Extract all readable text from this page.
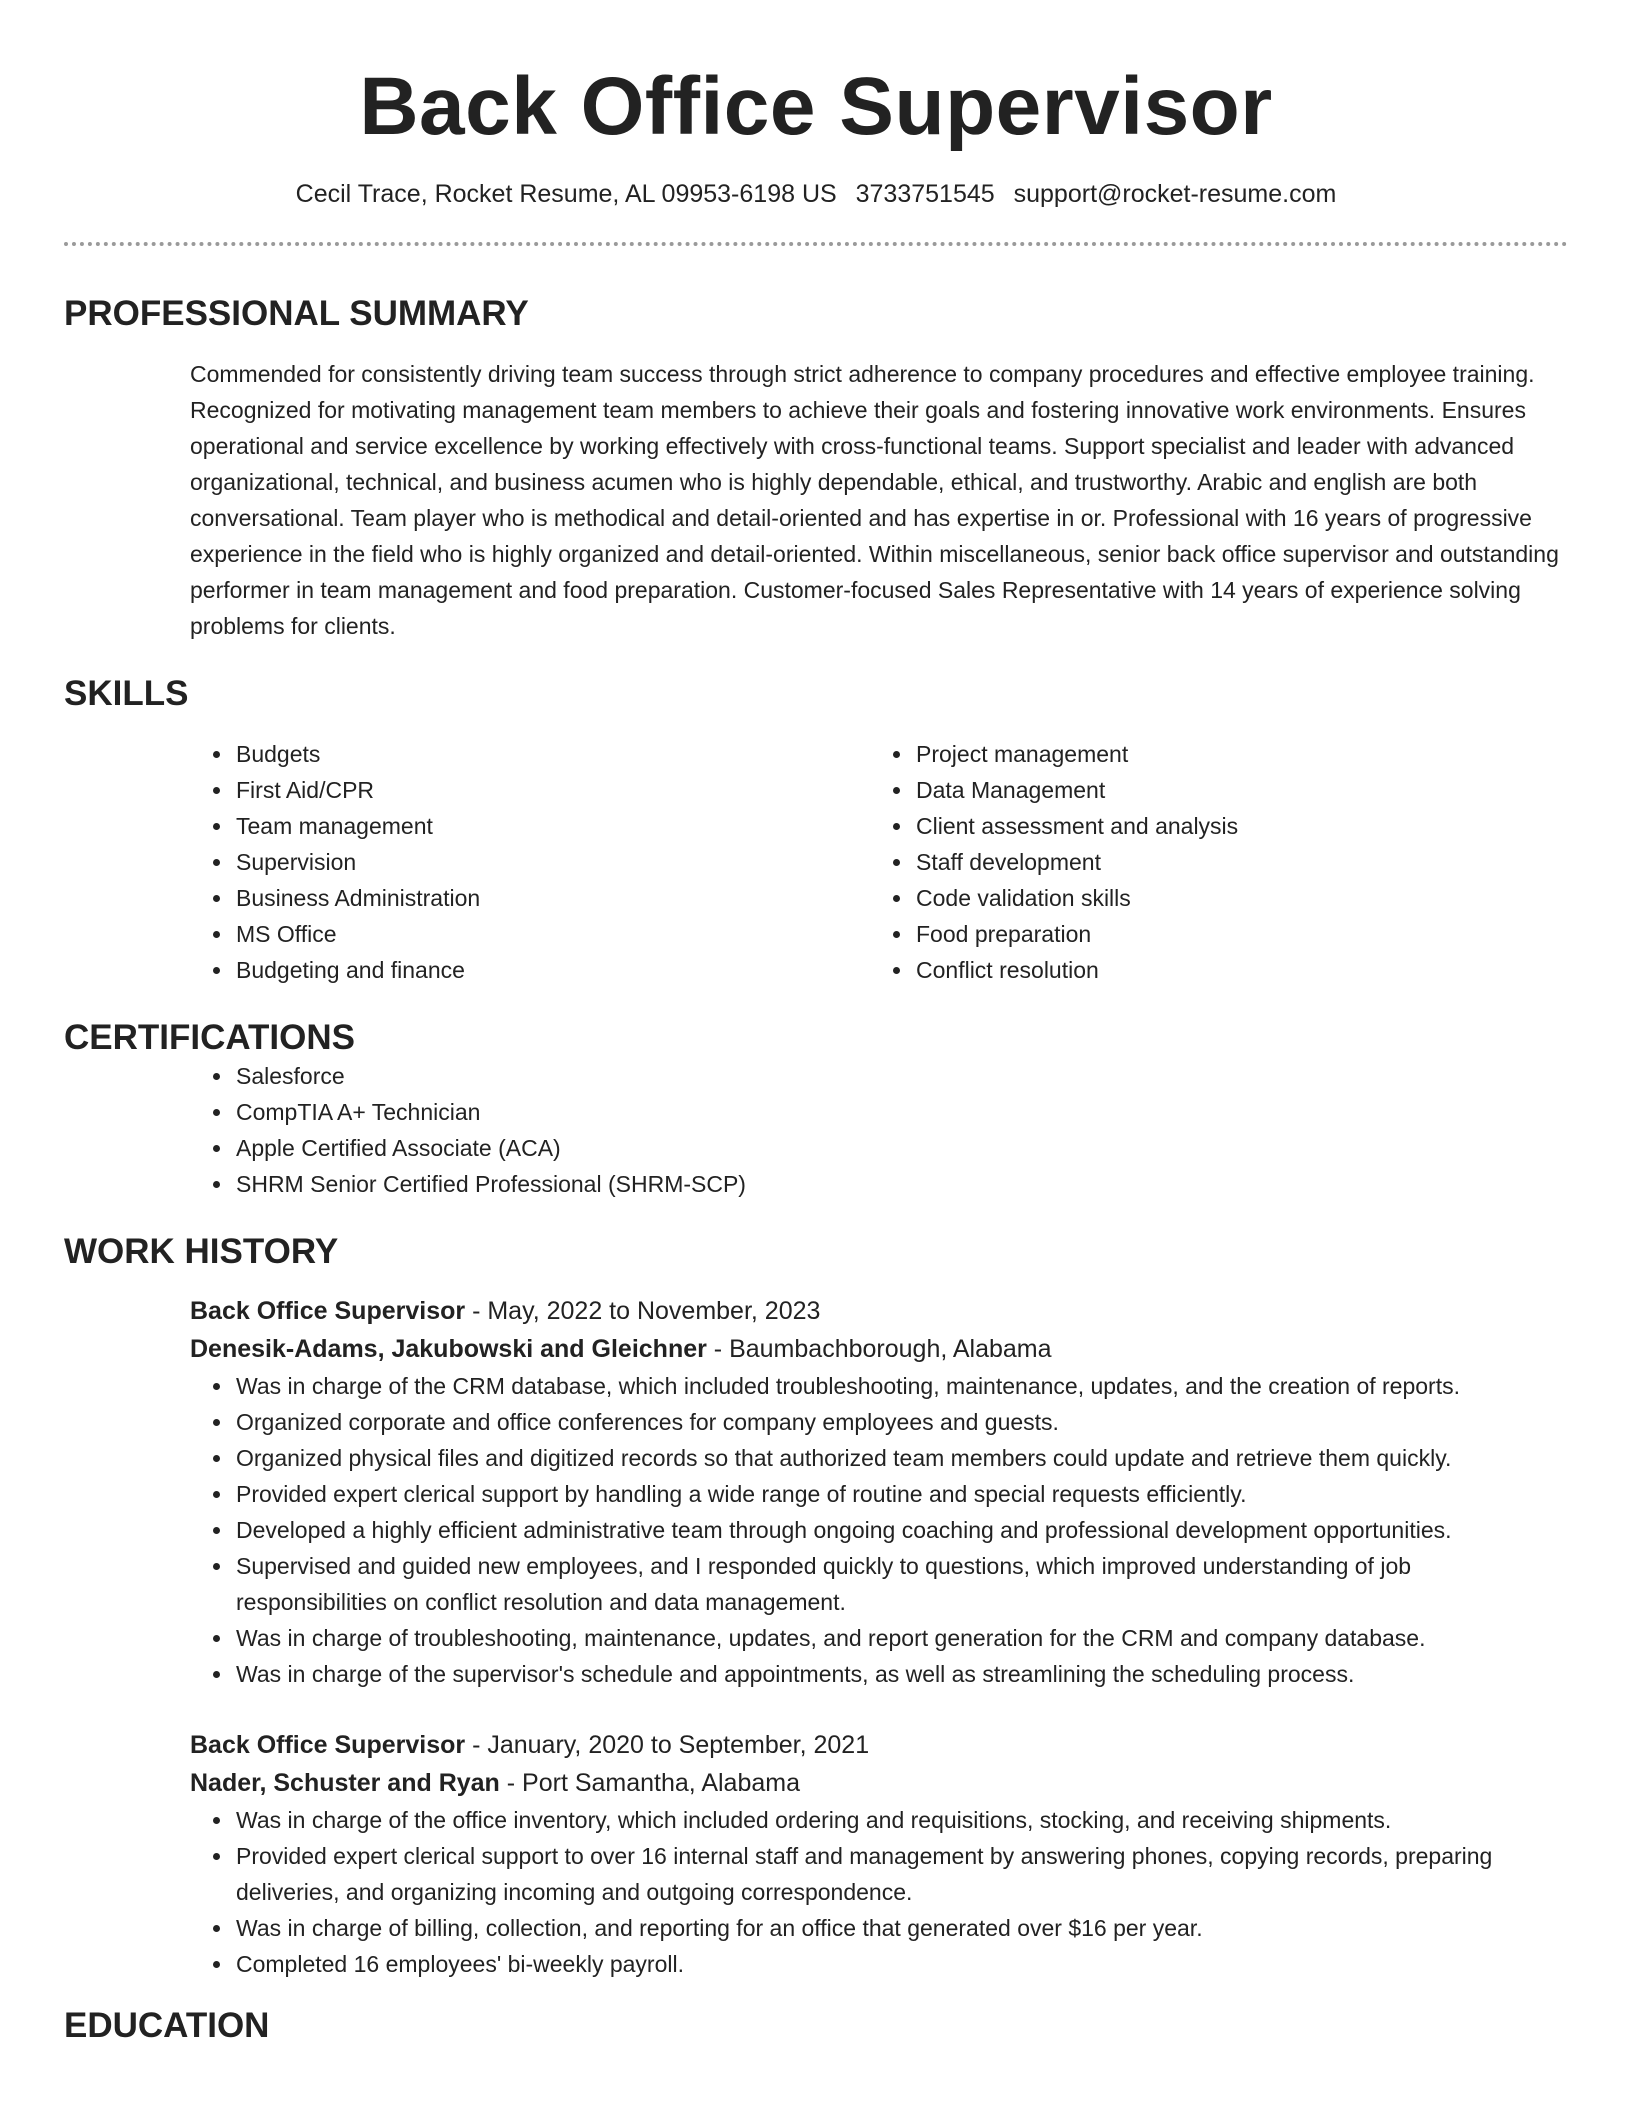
Back Office Supervisor
Cecil Trace, Rocket Resume, AL 09953-6198 US 3733751545 support@rocket-resume.com
PROFESSIONAL SUMMARY

Commended for consistently driving team success through strict adherence to company procedures and effective employee training. Recognized for motivating management team members to achieve their goals and fostering innovative work environments. Ensures operational and service excellence by working effectively with cross-functional teams. Support specialist and leader with advanced organizational, technical, and business acumen who is highly dependable, ethical, and trustworthy. Arabic and english are both conversational. Team player who is methodical and detail-oriented and has expertise in or. Professional with 16 years of progressive experience in the field who is highly organized and detail-oriented. Within miscellaneous, senior back office supervisor and outstanding performer in team management and food preparation. Customer-focused Sales Representative with 14 years of experience solving problems for clients.

SKILLS
• Budgets
• First Aid/CPR
• Team management
• Supervision
• Business Administration
• MS Office
• Budgeting and finance
• Project management
• Data Management
• Client assessment and analysis
• Staff development
• Code validation skills
• Food preparation
• Conflict resolution
CERTIFICATIONS
• Salesforce
• CompTIA A+ Technician
• Apple Certified Associate (ACA)
• SHRM Senior Certified Professional (SHRM-SCP)
WORK HISTORY
Back Office Supervisor - May, 2022 to November, 2023
Denesik-Adams, Jakubowski and Gleichner - Baumbachborough, Alabama
• Was in charge of the CRM database, which included troubleshooting, maintenance, updates, and the creation of reports.
• Organized corporate and office conferences for company employees and guests.
• Organized physical files and digitized records so that authorized team members could update and retrieve them quickly.
• Provided expert clerical support by handling a wide range of routine and special requests efficiently.
• Developed a highly efficient administrative team through ongoing coaching and professional development opportunities.
• Supervised and guided new employees, and I responded quickly to questions, which improved understanding of job responsibilities on conflict resolution and data management.
• Was in charge of troubleshooting, maintenance, updates, and report generation for the CRM and company database.
• Was in charge of the supervisor's schedule and appointments, as well as streamlining the scheduling process.
Back Office Supervisor - January, 2020 to September, 2021
Nader, Schuster and Ryan - Port Samantha, Alabama
• Was in charge of the office inventory, which included ordering and requisitions, stocking, and receiving shipments.
• Provided expert clerical support to over 16 internal staff and management by answering phones, copying records, preparing deliveries, and organizing incoming and outgoing correspondence.
• Was in charge of billing, collection, and reporting for an office that generated over $16 per year.
• Completed 16 employees' bi-weekly payroll.
EDUCATION
